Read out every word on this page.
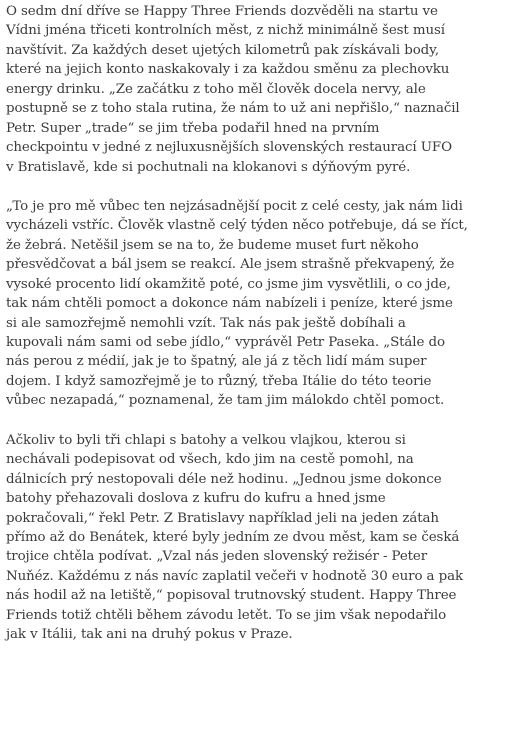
O sedm dní dříve se Happy Three Friends dozvěděli na startu ve
Vídni jména třiceti kontrolních měst, z nichž minimálně šest musí
navštívit. Za každých deset ujetých kilometrů pak získávali body,
které na jejich konto naskakovaly i za každou směnu za plechovku
energy drinku. „Ze začátku z toho měl člověk docela nervy, ale
postupně se z toho stala rutina, že nám to už ani nepřišlo,“ naznačil
Petr. Super „trade“ se jim třeba podařil hned na prvním
checkpointu v jedné z nejluxusnějších slovenských restaurací UFO
v Bratislavě, kde si pochutnali na klokanovi s dýňovým pyré.

„To je pro mě vůbec ten nejzásadnější pocit z celé cesty, jak nám lidi
vycházeli vstříc. Člověk vlastně celý týden něco potřebuje, dá se říct,
že žebrá. Netěšil jsem se na to, že budeme muset furt někoho
přesvědčovat a bál jsem se reakcí. Ale jsem strašně překvapený, že
vysoké procento lidí okamžitě poté, co jsme jim vysvětlili, o co jde,
tak nám chtěli pomoct a dokonce nám nabízeli i peníze, které jsme
si ale samozřejmě nemohli vzít. Tak nás pak ještě dobíhali a
kupovali nám sami od sebe jídlo,“ vyprávěl Petr Paseka. „Stále do
nás perou z médií, jak je to špatný, ale já z těch lidí mám super
dojem. I když samozřejmě je to různý, třeba Itálie do této teorie
vůbec nezapadá,“ poznamenal, že tam jim málokdo chtěl pomoct.

Ačkoliv to byli tři chlapi s batohy a velkou vlajkou, kterou si
nechávali podepisovat od všech, kdo jim na cestě pomohl, na
dálnicích prý nestopovali déle než hodinu. „Jednou jsme dokonce
batohy přehazovali doslova z kufru do kufru a hned jsme
pokračovali,“ řekl Petr. Z Bratislavy například jeli na jeden zátah
přímo až do Benátek, které byly jedním ze dvou měst, kam se česká
trojice chtěla podívat. „Vzal nás jeden slovenský režisér - Peter
Nuňéz. Každému z nás navíc zaplatil večeři v hodnotě 30 euro a pak
nás hodil až na letiště,“ popisoval trutnovský student. Happy Three
Friends totiž chtěli během závodu letět. To se jim však nepodařilo
jak v Itálii, tak ani na druhý pokus v Praze.
